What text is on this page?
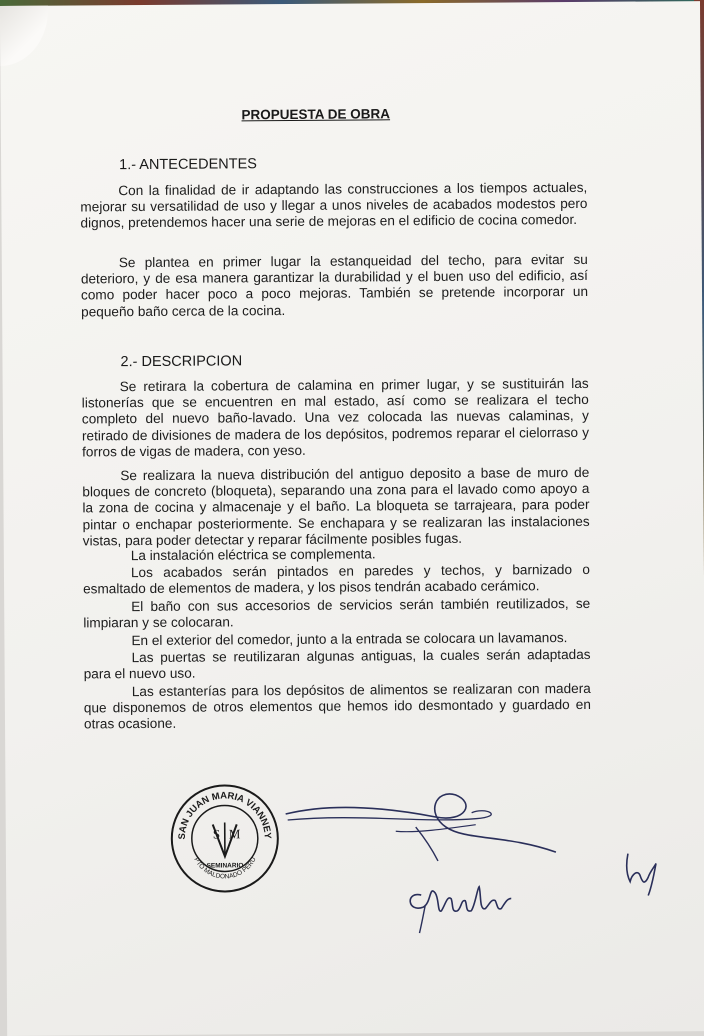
PROPUESTA DE OBRA
1.- ANTECEDENTES

Con la finalidad de ir adaptando las construcciones a los tiempos actuales, mejorar su versatilidad de uso y llegar a unos niveles de acabados modestos pero dignos, pretendemos hacer una serie de mejoras en el edificio de cocina comedor.

Se plantea en primer lugar la estanqueidad del techo, para evitar su deterioro, y de esa manera garantizar la durabilidad y el buen uso del edificio, así como poder hacer poco a poco mejoras. También se pretende incorporar un pequeño baño cerca de la cocina.

2.- DESCRIPCION

Se retirara la cobertura de calamina en primer lugar, y se sustituirán las listonerías que se encuentren en mal estado, así como se realizara el techo completo del nuevo baño-lavado. Una vez colocada las nuevas calaminas, y retirado de divisiones de madera de los depósitos, podremos reparar el cielorraso y forros de vigas de madera, con yeso.

Se realizara la nueva distribución del antiguo deposito a base de muro de bloques de concreto (bloqueta), separando una zona para el lavado como apoyo a la zona de cocina y almacenaje y el baño. La bloqueta se tarrajeara, para poder pintar o enchapar posteriormente. Se enchapara y se realizaran las instalaciones vistas, para poder detectar y reparar fácilmente posibles fugas.

La instalación eléctrica se complementa.

Los acabados serán pintados en paredes y techos, y barnizado o esmaltado de elementos de madera, y los pisos tendrán acabado cerámico.

El baño con sus accesorios de servicios serán también reutilizados, se limpiaran y se colocaran.

En el exterior del comedor, junto a la entrada se colocara un lavamanos.

Las puertas se reutilizaran algunas antiguas, la cuales serán adaptadas para el nuevo uso.

Las estanterías para los depósitos de alimentos se realizaran con madera que disponemos de otros elementos que hemos ido desmontado y guardado en otras ocasione.

SAN JUAN MARIA VIANNEY
PTO MALDONADO PERU
S M
SEMINARIO
